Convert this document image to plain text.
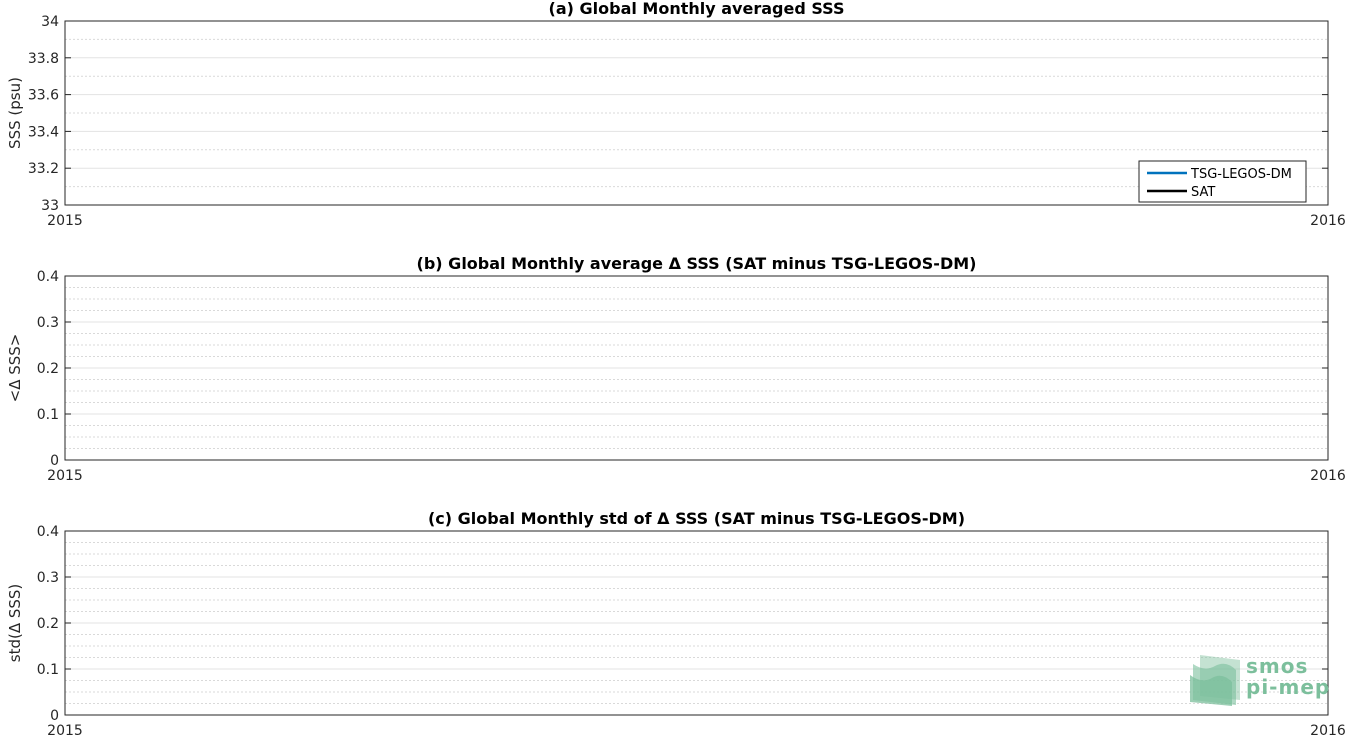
33
33.2
33.4
33.6
33.8
34
2015	2016
(a) Global Monthly averaged SSS
SSS (psu)
TSG-LEGOS-DM
SAT
0
0.1
0.2
0.3
0.4
2015	2016
(b) Global Monthly average Δ SSS (SAT minus TSG-LEGOS-DM)
<Δ SSS>
0
0.1
0.2
0.3
0.4
2015	2016
(c) Global Monthly std of Δ SSS (SAT minus TSG-LEGOS-DM)
std(Δ SSS)
smos
pi-mep
